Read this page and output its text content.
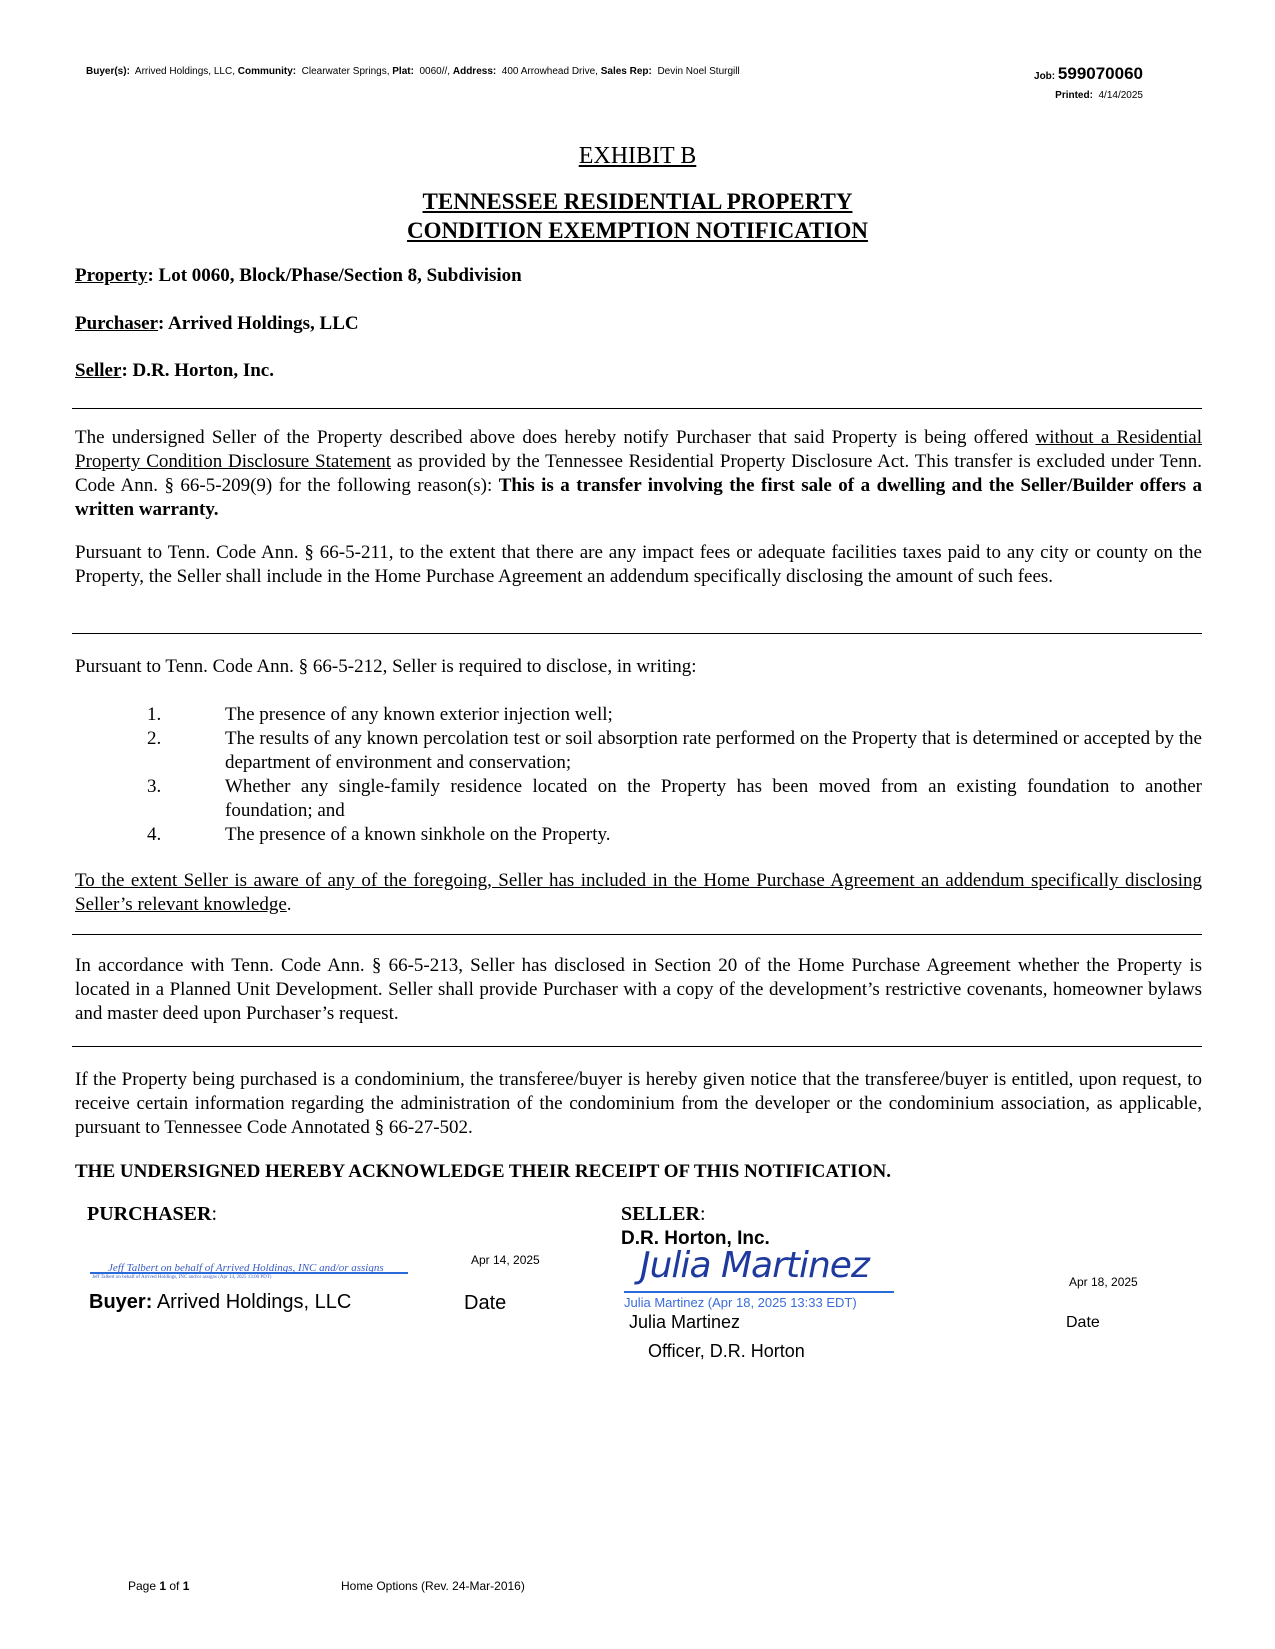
Buyer(s): Arrived Holdings, LLC, Community: Clearwater Springs, Plat: 0060//, Address: 400 Arrowhead Drive, Sales Rep: Devin Noel Sturgill	Job: 599070060
Printed: 4/14/2025
EXHIBIT B
TENNESSEE RESIDENTIAL PROPERTY
CONDITION EXEMPTION NOTIFICATION
Property: Lot 0060, Block/Phase/Section 8, Subdivision
Purchaser: Arrived Holdings, LLC
Seller: D.R. Horton, Inc.
The undersigned Seller of the Property described above does hereby notify Purchaser that said Property is being offered without a Residential Property Condition Disclosure Statement as provided by the Tennessee Residential Property Disclosure Act. This transfer is excluded under Tenn. Code Ann. § 66-5-209(9) for the following reason(s): This is a transfer involving the first sale of a dwelling and the Seller/Builder offers a written warranty.
Pursuant to Tenn. Code Ann. § 66-5-211, to the extent that there are any impact fees or adequate facilities taxes paid to any city or county on the Property, the Seller shall include in the Home Purchase Agreement an addendum specifically disclosing the amount of such fees.
Pursuant to Tenn. Code Ann. § 66-5-212, Seller is required to disclose, in writing:
1.	The presence of any known exterior injection well;
2.	The results of any known percolation test or soil absorption rate performed on the Property that is determined or accepted by the department of environment and conservation;
3.	Whether any single-family residence located on the Property has been moved from an existing foundation to another foundation; and
4.	The presence of a known sinkhole on the Property.
To the extent Seller is aware of any of the foregoing, Seller has included in the Home Purchase Agreement an addendum specifically disclosing Seller’s relevant knowledge.
In accordance with Tenn. Code Ann. § 66-5-213, Seller has disclosed in Section 20 of the Home Purchase Agreement whether the Property is located in a Planned Unit Development. Seller shall provide Purchaser with a copy of the development’s restrictive covenants, homeowner bylaws and master deed upon Purchaser’s request.
If the Property being purchased is a condominium, the transferee/buyer is hereby given notice that the transferee/buyer is entitled, upon request, to receive certain information regarding the administration of the condominium from the developer or the condominium association, as applicable, pursuant to Tennessee Code Annotated § 66-27-502.
THE UNDERSIGNED HEREBY ACKNOWLEDGE THEIR RECEIPT OF THIS NOTIFICATION.
PURCHASER:	SELLER:
D.R. Horton, Inc.
Jeff Talbert on behalf of Arrived Holdings, INC and/or assigns
Jeff Talbert on behalf of Arrived Holdings, INC and/or assigns (Apr 14, 2025 13:00 PDT)
Apr 14, 2025
Buyer: Arrived Holdings, LLC	Date
Julia Martinez
Julia Martinez (Apr 18, 2025 13:33 EDT)
Julia Martinez
Officer, D.R. Horton
Apr 18, 2025
Date
Page 1 of 1	Home Options (Rev. 24-Mar-2016)
